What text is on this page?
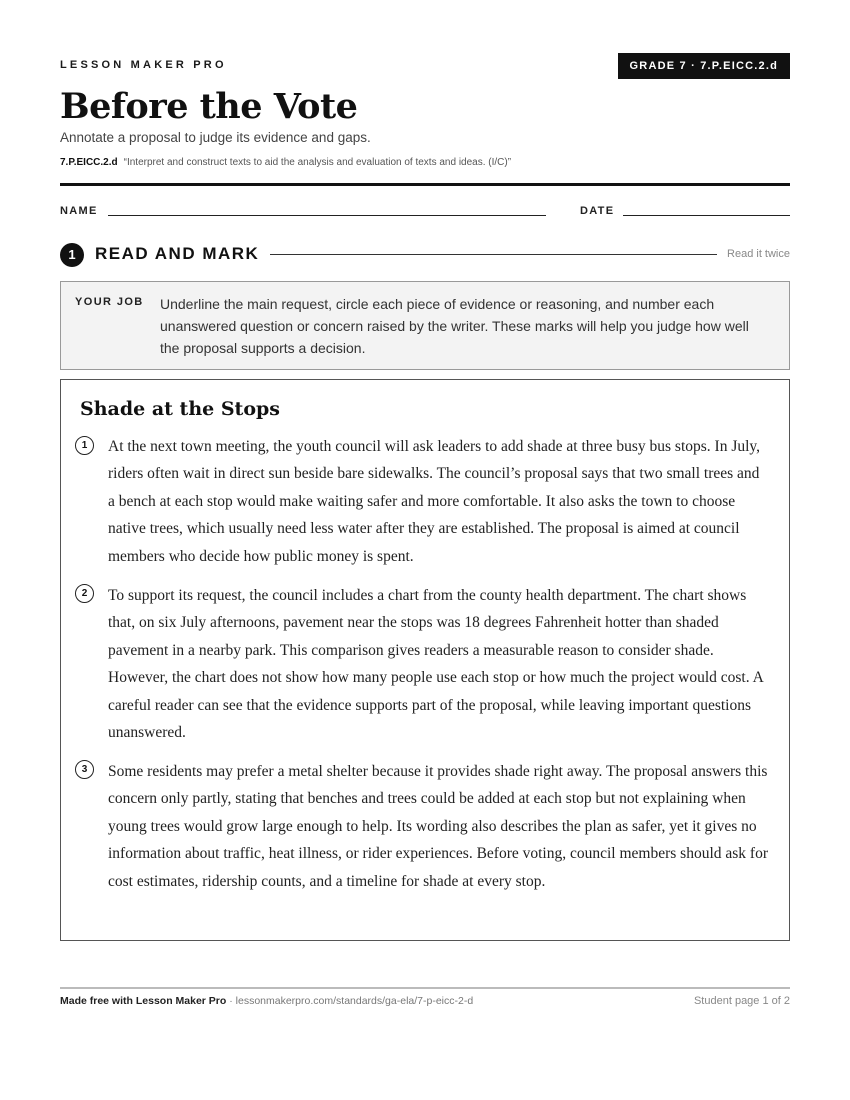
LESSON MAKER PRO	GRADE 7 · 7.P.EICC.2.d
Before the Vote
Annotate a proposal to judge its evidence and gaps.
7.P.EICC.2.d “Interpret and construct texts to aid the analysis and evaluation of texts and ideas. (I/C)”
NAME	DATE
1	READ AND MARK	Read it twice
YOUR JOB Underline the main request, circle each piece of evidence or reasoning, and number each unanswered question or concern raised by the writer. These marks will help you judge how well the proposal supports a decision.
Shade at the Stops
1	At the next town meeting, the youth council will ask leaders to add shade at three busy bus stops. In July, riders often wait in direct sun beside bare sidewalks. The council’s proposal says that two small trees and a bench at each stop would make waiting safer and more comfortable. It also asks the town to choose native trees, which usually need less water after they are established. The proposal is aimed at council members who decide how public money is spent.
2	To support its request, the council includes a chart from the county health department. The chart shows that, on six July afternoons, pavement near the stops was 18 degrees Fahrenheit hotter than shaded pavement in a nearby park. This comparison gives readers a measurable reason to consider shade. However, the chart does not show how many people use each stop or how much the project would cost. A careful reader can see that the evidence supports part of the proposal, while leaving important questions unanswered.
3	Some residents may prefer a metal shelter because it provides shade right away. The proposal answers this concern only partly, stating that benches and trees could be added at each stop but not explaining when young trees would grow large enough to help. Its wording also describes the plan as safer, yet it gives no information about traffic, heat illness, or rider experiences. Before voting, council members should ask for cost estimates, ridership counts, and a timeline for shade at every stop.
Made free with Lesson Maker Pro · lessonmakerpro.com/standards/ga-ela/7-p-eicc-2-d	Student page 1 of 2
